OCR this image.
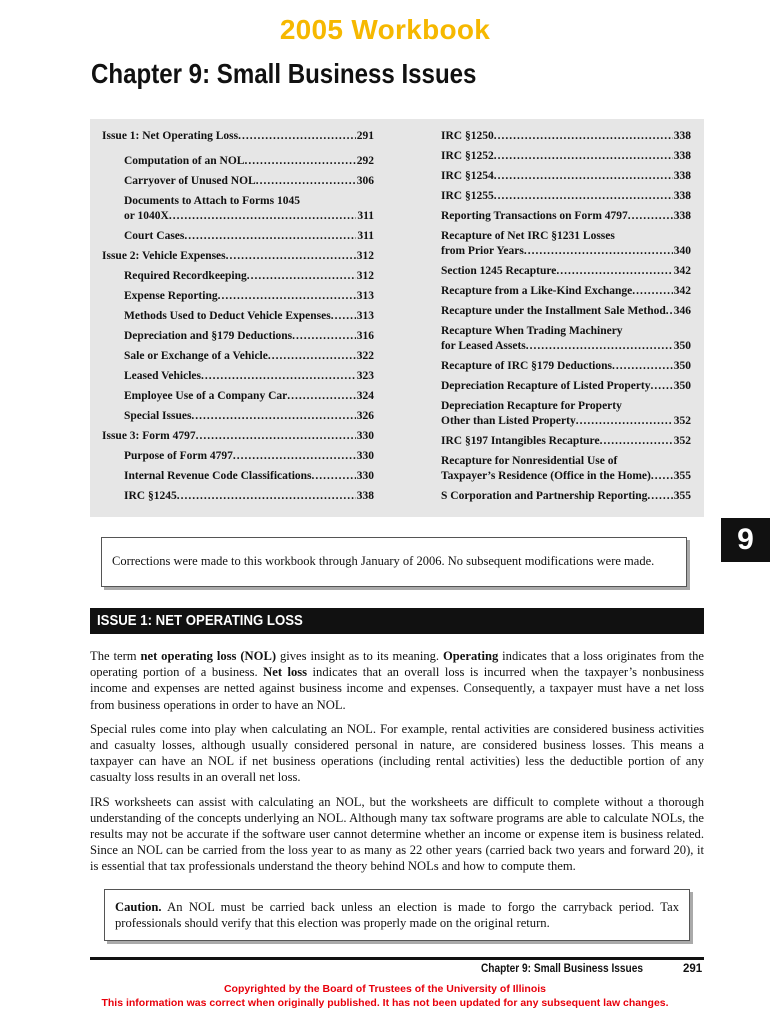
2005 Workbook
Chapter 9: Small Business Issues
Issue 1: Net Operating Loss .....	291
Computation of an NOL .....	292
Carryover of Unused NOL .....	306
Documents to Attach to Forms 1045
or 1040X .....	311
Court Cases .....	311
Issue 2: Vehicle Expenses .....	312
Required Recordkeeping .....	312
Expense Reporting .....	313
Methods Used to Deduct Vehicle Expenses ..... 313
Depreciation and §179 Deductions .....	316
Sale or Exchange of a Vehicle .....	322
Leased Vehicles .....	323
Employee Use of a Company Car .....	324
Special Issues .....	326
Issue 3: Form 4797 .....	330
Purpose of Form 4797 .....	330
Internal Revenue Code Classifications .....	330
IRC §1245 .....	338
IRC §1250 .....	338
IRC §1252 .....	338
IRC §1254 .....	338
IRC §1255 .....	338
Reporting Transactions on Form 4797 .....	338
Recapture of Net IRC §1231 Losses
from Prior Years .....	340
Section 1245 Recapture .....	342
Recapture from a Like-Kind Exchange .....	342
Recapture under the Installment Sale Method ..... 346
Recapture When Trading Machinery
for Leased Assets .....	350
Recapture of IRC §179 Deductions .....	350
Depreciation Recapture of Listed Property ..... 350
Depreciation Recapture for Property
Other than Listed Property .....	352
IRC §197 Intangibles Recapture .....	352
Recapture for Nonresidential Use of
Taxpayer’s Residence (Office in the Home) ..... 355
S Corporation and Partnership Reporting ..... 355
9
Corrections were made to this workbook through January of 2006. No subsequent modifications were made.
ISSUE 1: NET OPERATING LOSS

The term net operating loss (NOL) gives insight as to its meaning. Operating indicates that a loss originates from the operating portion of a business. Net loss indicates that an overall loss is incurred when the taxpayer’s nonbusiness income and expenses are netted against business income and expenses. Consequently, a taxpayer must have a net loss from business operations in order to have an NOL.

Special rules come into play when calculating an NOL. For example, rental activities are considered business activities and casualty losses, although usually considered personal in nature, are considered business losses. This means a taxpayer can have an NOL if net business operations (including rental activities) less the deductible portion of any casualty loss results in an overall net loss.

IRS worksheets can assist with calculating an NOL, but the worksheets are difficult to complete without a thorough understanding of the concepts underlying an NOL. Although many tax software programs are able to calculate NOLs, the results may not be accurate if the software user cannot determine whether an income or expense item is business related. Since an NOL can be carried from the loss year to as many as 22 other years (carried back two years and forward 20), it is essential that tax professionals understand the theory behind NOLs and how to compute them.

Caution. An NOL must be carried back unless an election is made to forgo the carryback period. Tax professionals should verify that this election was properly made on the original return.
Chapter 9: Small Business Issues	291
Copyrighted by the Board of Trustees of the University of Illinois
This information was correct when originally published. It has not been updated for any subsequent law changes.
